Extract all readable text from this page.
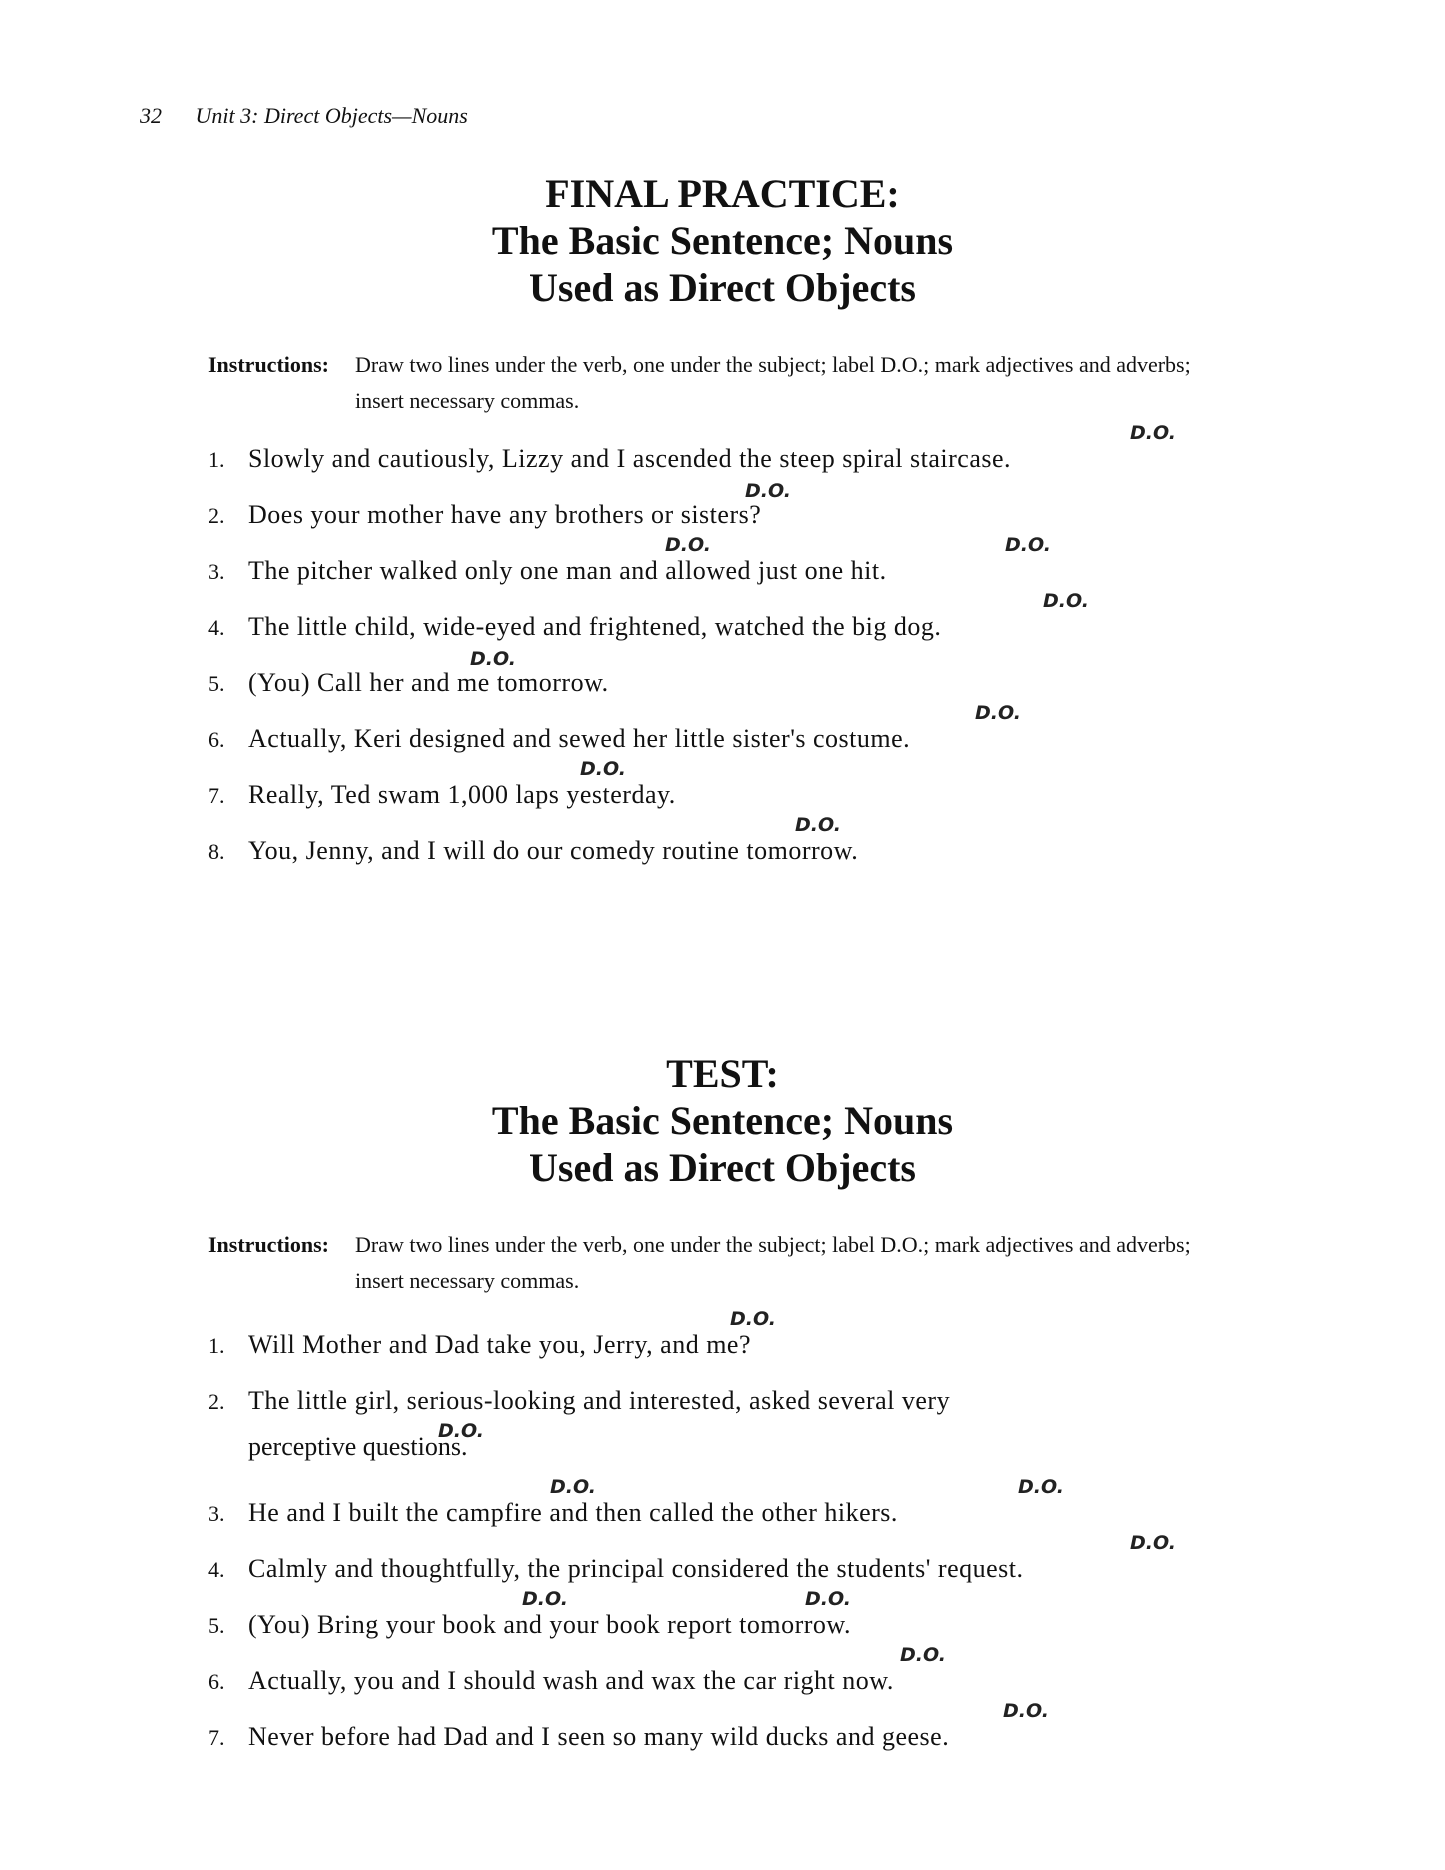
32 Unit 3: Direct Objects—Nouns
FINAL PRACTICE:
The Basic Sentence; Nouns
Used as Direct Objects
Instructions:	Draw two lines under the verb, one under the subject; label D.O.; mark adjectives and adverbs; insert necessary commas.
1. Slowly and cautiously, Lizzy and I ascended the steep spiral staircase.
2. Does your mother have any brothers or sisters?
3. The pitcher walked only one man and allowed just one hit.
4. The little child, wide-eyed and frightened, watched the big dog.
5. (You) Call her and me tomorrow.
6. Actually, Keri designed and sewed her little sister's costume.
7. Really, Ted swam 1,000 laps yesterday.
8. You, Jenny, and I will do our comedy routine tomorrow.
D.O.
D.O.
D.O.	D.O.
D.O.
D.O.
D.O.
D.O.
D.O.
TEST:
The Basic Sentence; Nouns
Used as Direct Objects
Instructions:	Draw two lines under the verb, one under the subject; label D.O.; mark adjectives and adverbs; insert necessary commas.
1. Will Mother and Dad take you, Jerry, and me?
2. The little girl, serious-looking and interested, asked several very
perceptive questions.
3. He and I built the campfire and then called the other hikers.
4. Calmly and thoughtfully, the principal considered the students' request.
5. (You) Bring your book and your book report tomorrow.
6. Actually, you and I should wash and wax the car right now.
7. Never before had Dad and I seen so many wild ducks and geese.
D.O.
D.O.
D.O.	D.O.
D.O.
D.O.	D.O.
D.O.
D.O.
